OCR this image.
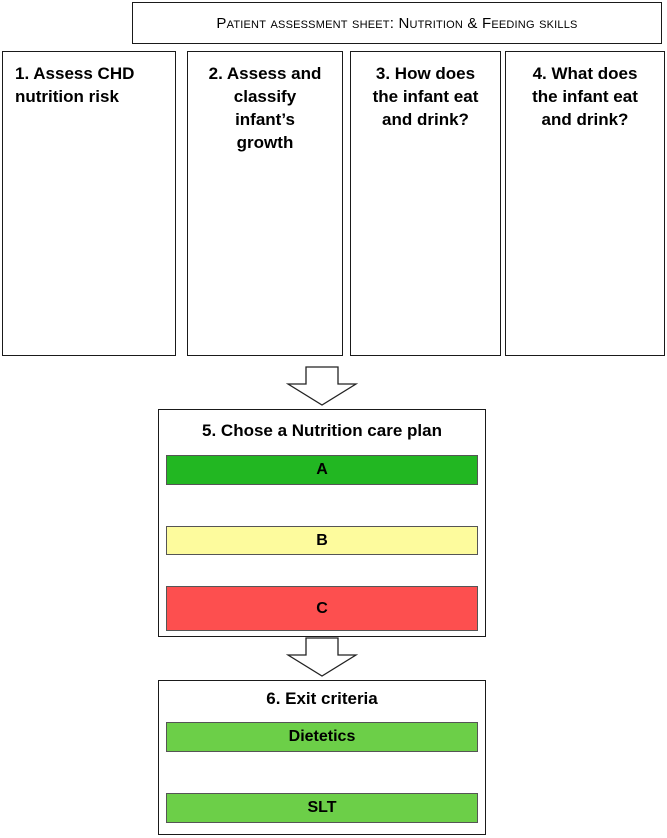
Patient assessment sheet: Nutrition & Feeding skills
1. Assess CHD
nutrition risk
2. Assess and
classify
infant’s
growth
3. How does
the infant eat
and drink?
4. What does
the infant eat
and drink?
5. Chose a Nutrition care plan
A
B
C
6. Exit criteria
Dietetics
SLT
